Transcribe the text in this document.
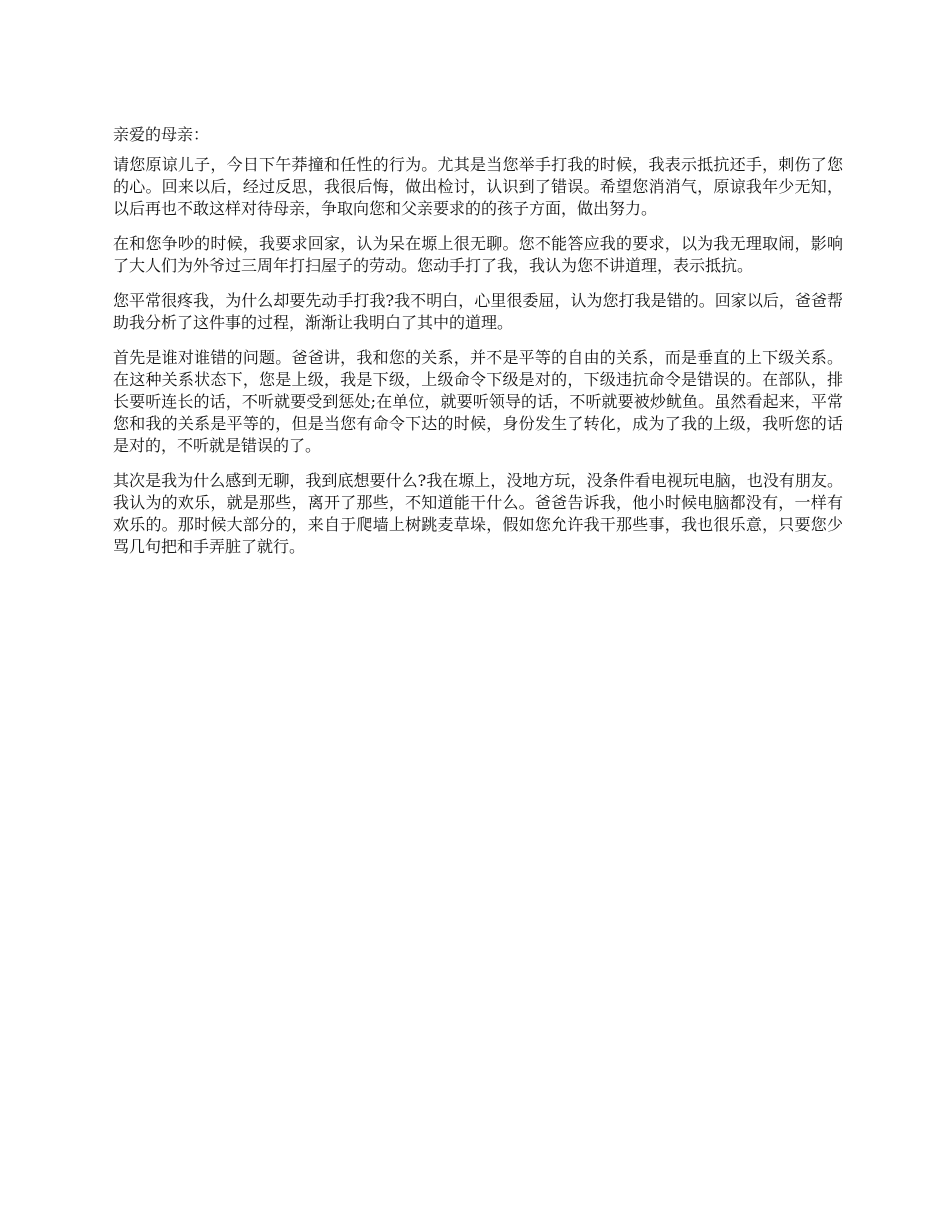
亲爱的母亲：

请您原谅儿子，今日下午莽撞和任性的行为。尤其是当您举手打我的时候，我表示抵抗还手，刺伤了您的心。回来以后，经过反思，我很后悔，做出检讨，认识到了错误。希望您消消气，原谅我年少无知，以后再也不敢这样对待母亲，争取向您和父亲要求的的孩子方面，做出努力。

在和您争吵的时候，我要求回家，认为呆在塬上很无聊。您不能答应我的要求，以为我无理取闹，影响了大人们为外爷过三周年打扫屋子的劳动。您动手打了我，我认为您不讲道理，表示抵抗。

您平常很疼我，为什么却要先动手打我?我不明白，心里很委屈，认为您打我是错的。回家以后，爸爸帮助我分析了这件事的过程，渐渐让我明白了其中的道理。

首先是谁对谁错的问题。爸爸讲，我和您的关系，并不是平等的自由的关系，而是垂直的上下级关系。在这种关系状态下，您是上级，我是下级，上级命令下级是对的，下级违抗命令是错误的。在部队，排长要听连长的话，不听就要受到惩处;在单位，就要听领导的话，不听就要被炒鱿鱼。虽然看起来，平常您和我的关系是平等的，但是当您有命令下达的时候，身份发生了转化，成为了我的上级，我听您的话是对的，不听就是错误的了。

其次是我为什么感到无聊，我到底想要什么?我在塬上，没地方玩，没条件看电视玩电脑，也没有朋友。我认为的欢乐，就是那些，离开了那些，不知道能干什么。爸爸告诉我，他小时候电脑都没有，一样有欢乐的。那时候大部分的，来自于爬墙上树跳麦草垛，假如您允许我干那些事，我也很乐意，只要您少骂几句把和手弄脏了就行。
